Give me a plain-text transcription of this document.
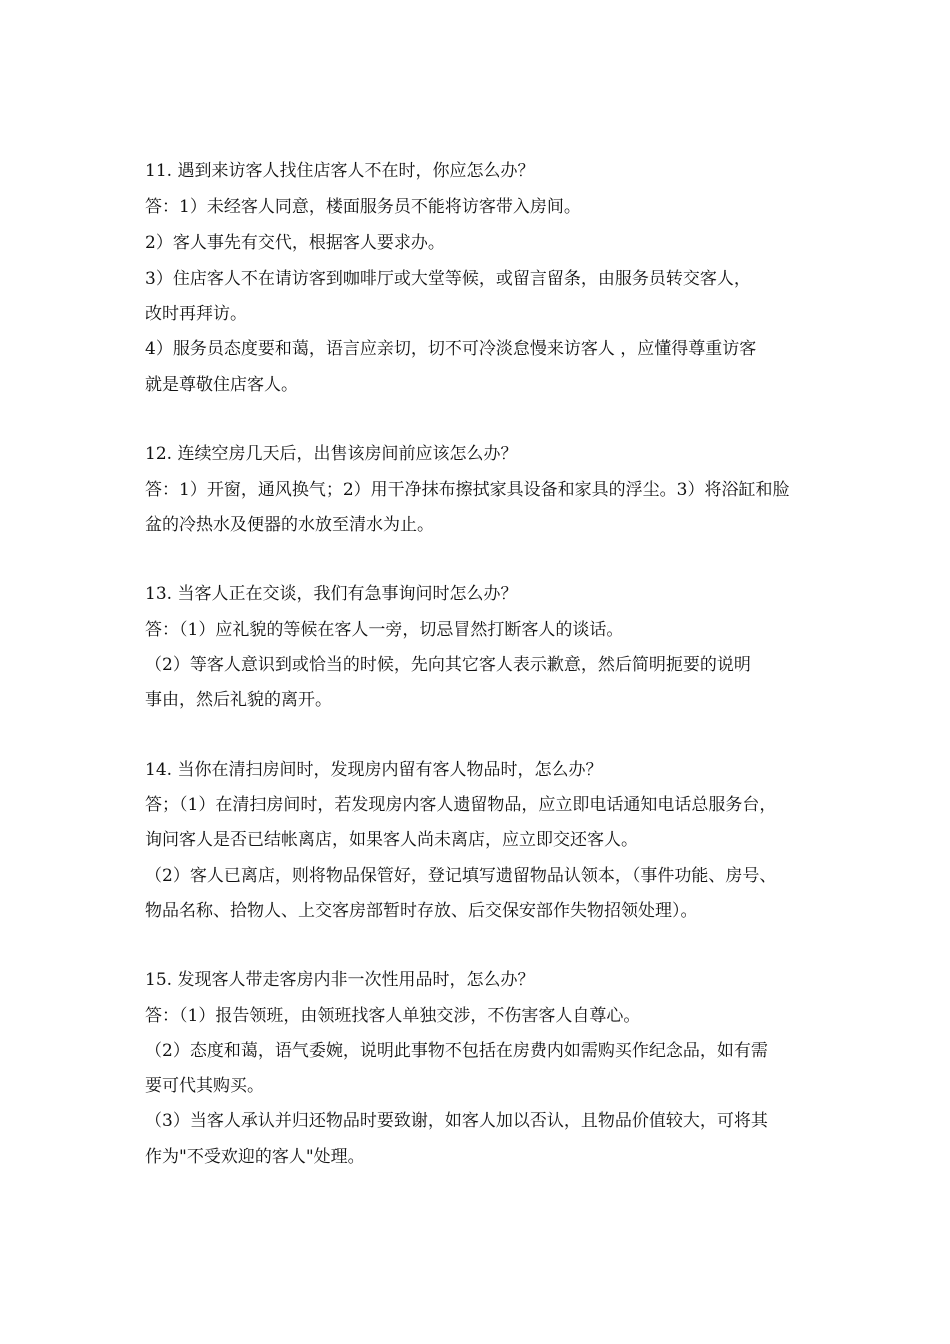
11. 遇到来访客人找住店客人不在时，你应怎么办？
答：1）未经客人同意，楼面服务员不能将访客带入房间。
2）客人事先有交代，根据客人要求办。
3）住店客人不在请访客到咖啡厅或大堂等候，或留言留条，由服务员转交客人，
改时再拜访。
4）服务员态度要和蔼，语言应亲切，切不可冷淡怠慢来访客人 ，应懂得尊重访客
就是尊敬住店客人。
12. 连续空房几天后，出售该房间前应该怎么办？
答：1）开窗，通风换气；2）用干净抹布擦拭家具设备和家具的浮尘。3）将浴缸和脸
盆的冷热水及便器的水放至清水为止。
13. 当客人正在交谈，我们有急事询问时怎么办？
答：（1）应礼貌的等候在客人一旁，切忌冒然打断客人的谈话。
（2）等客人意识到或恰当的时候，先向其它客人表示歉意，然后简明扼要的说明
事由，然后礼貌的离开。
14. 当你在清扫房间时，发现房内留有客人物品时，怎么办？
答；（1）在清扫房间时，若发现房内客人遗留物品，应立即电话通知电话总服务台，
询问客人是否已结帐离店，如果客人尚未离店，应立即交还客人。
（2）客人已离店，则将物品保管好，登记填写遗留物品认领本，（事件功能、房号、
物品名称、拾物人、上交客房部暂时存放、后交保安部作失物招领处理）。
15. 发现客人带走客房内非一次性用品时，怎么办？
答：（1）报告领班，由领班找客人单独交涉，不伤害客人自尊心。
（2）态度和蔼，语气委婉，说明此事物不包括在房费内如需购买作纪念品，如有需
要可代其购买。
（3）当客人承认并归还物品时要致谢，如客人加以否认，且物品价值较大，可将其
作为"不受欢迎的客人"处理。
